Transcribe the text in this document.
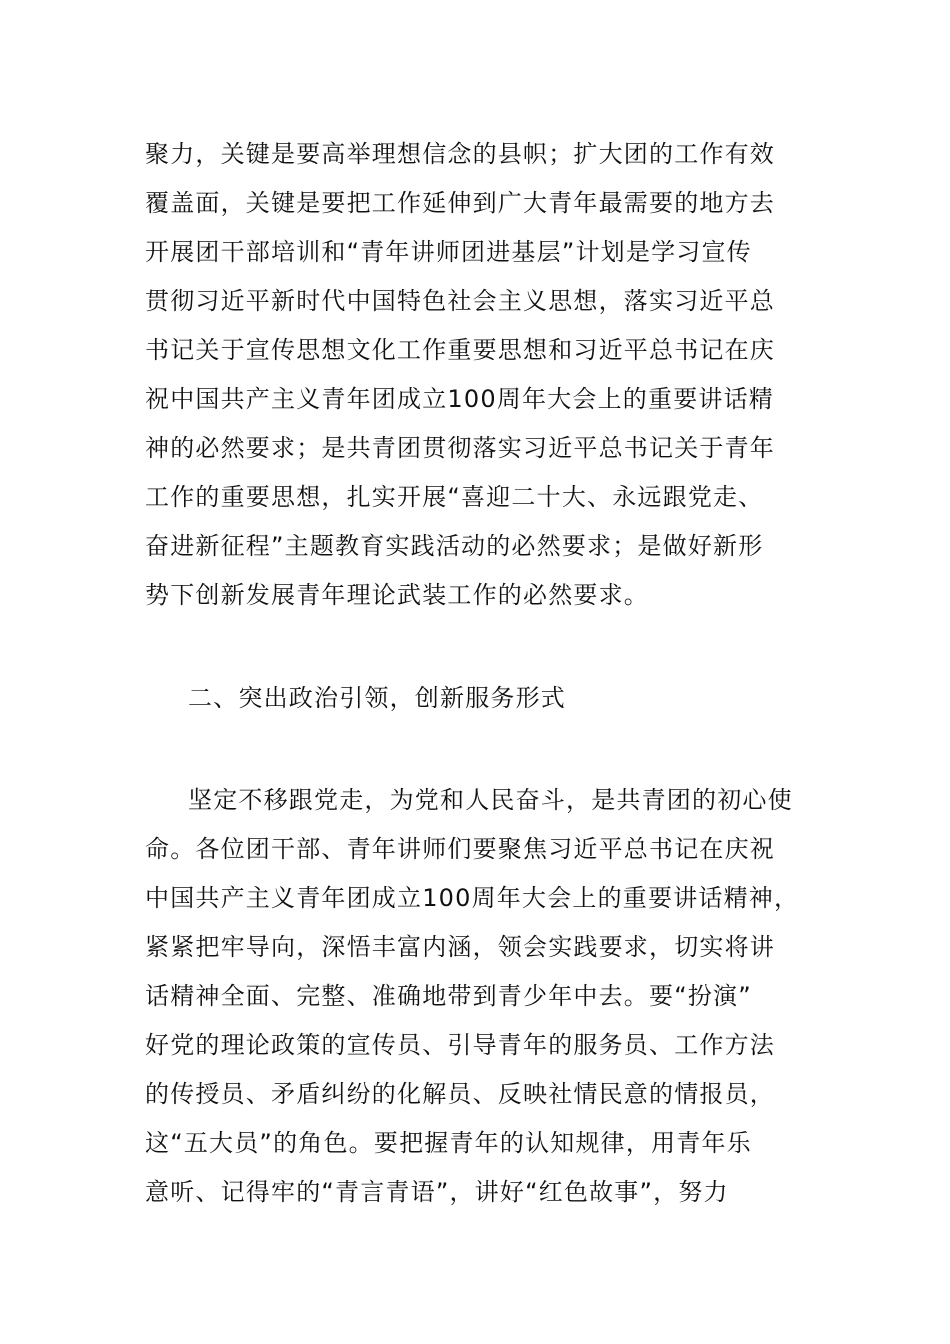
聚力，关键是要高举理想信念的县帜；扩大团的工作有效
覆盖面，关键是要把工作延伸到广大青年最需要的地方去
开展团干部培训和“青年讲师团进基层”计划是学习宣传
贯彻习近平新时代中国特色社会主义思想，落实习近平总
书记关于宣传思想文化工作重要思想和习近平总书记在庆
祝中国共产主义青年团成立100周年大会上的重要讲话精
神的必然要求；是共青团贯彻落实习近平总书记关于青年
工作的重要思想，扎实开展“喜迎二十大、永远跟党走、
奋进新征程”主题教育实践活动的必然要求；是做好新形
势下创新发展青年理论武装工作的必然要求。
二、突出政治引领，创新服务形式
坚定不移跟党走，为党和人民奋斗，是共青团的初心使
命。各位团干部、青年讲师们要聚焦习近平总书记在庆祝
中国共产主义青年团成立100周年大会上的重要讲话精神，
紧紧把牢导向，深悟丰富内涵，领会实践要求，切实将讲
话精神全面、完整、准确地带到青少年中去。要“扮演”
好党的理论政策的宣传员、引导青年的服务员、工作方法
的传授员、矛盾纠纷的化解员、反映社情民意的情报员，
这“五大员”的角色。要把握青年的认知规律，用青年乐
意听、记得牢的“青言青语”，讲好“红色故事”，努力
